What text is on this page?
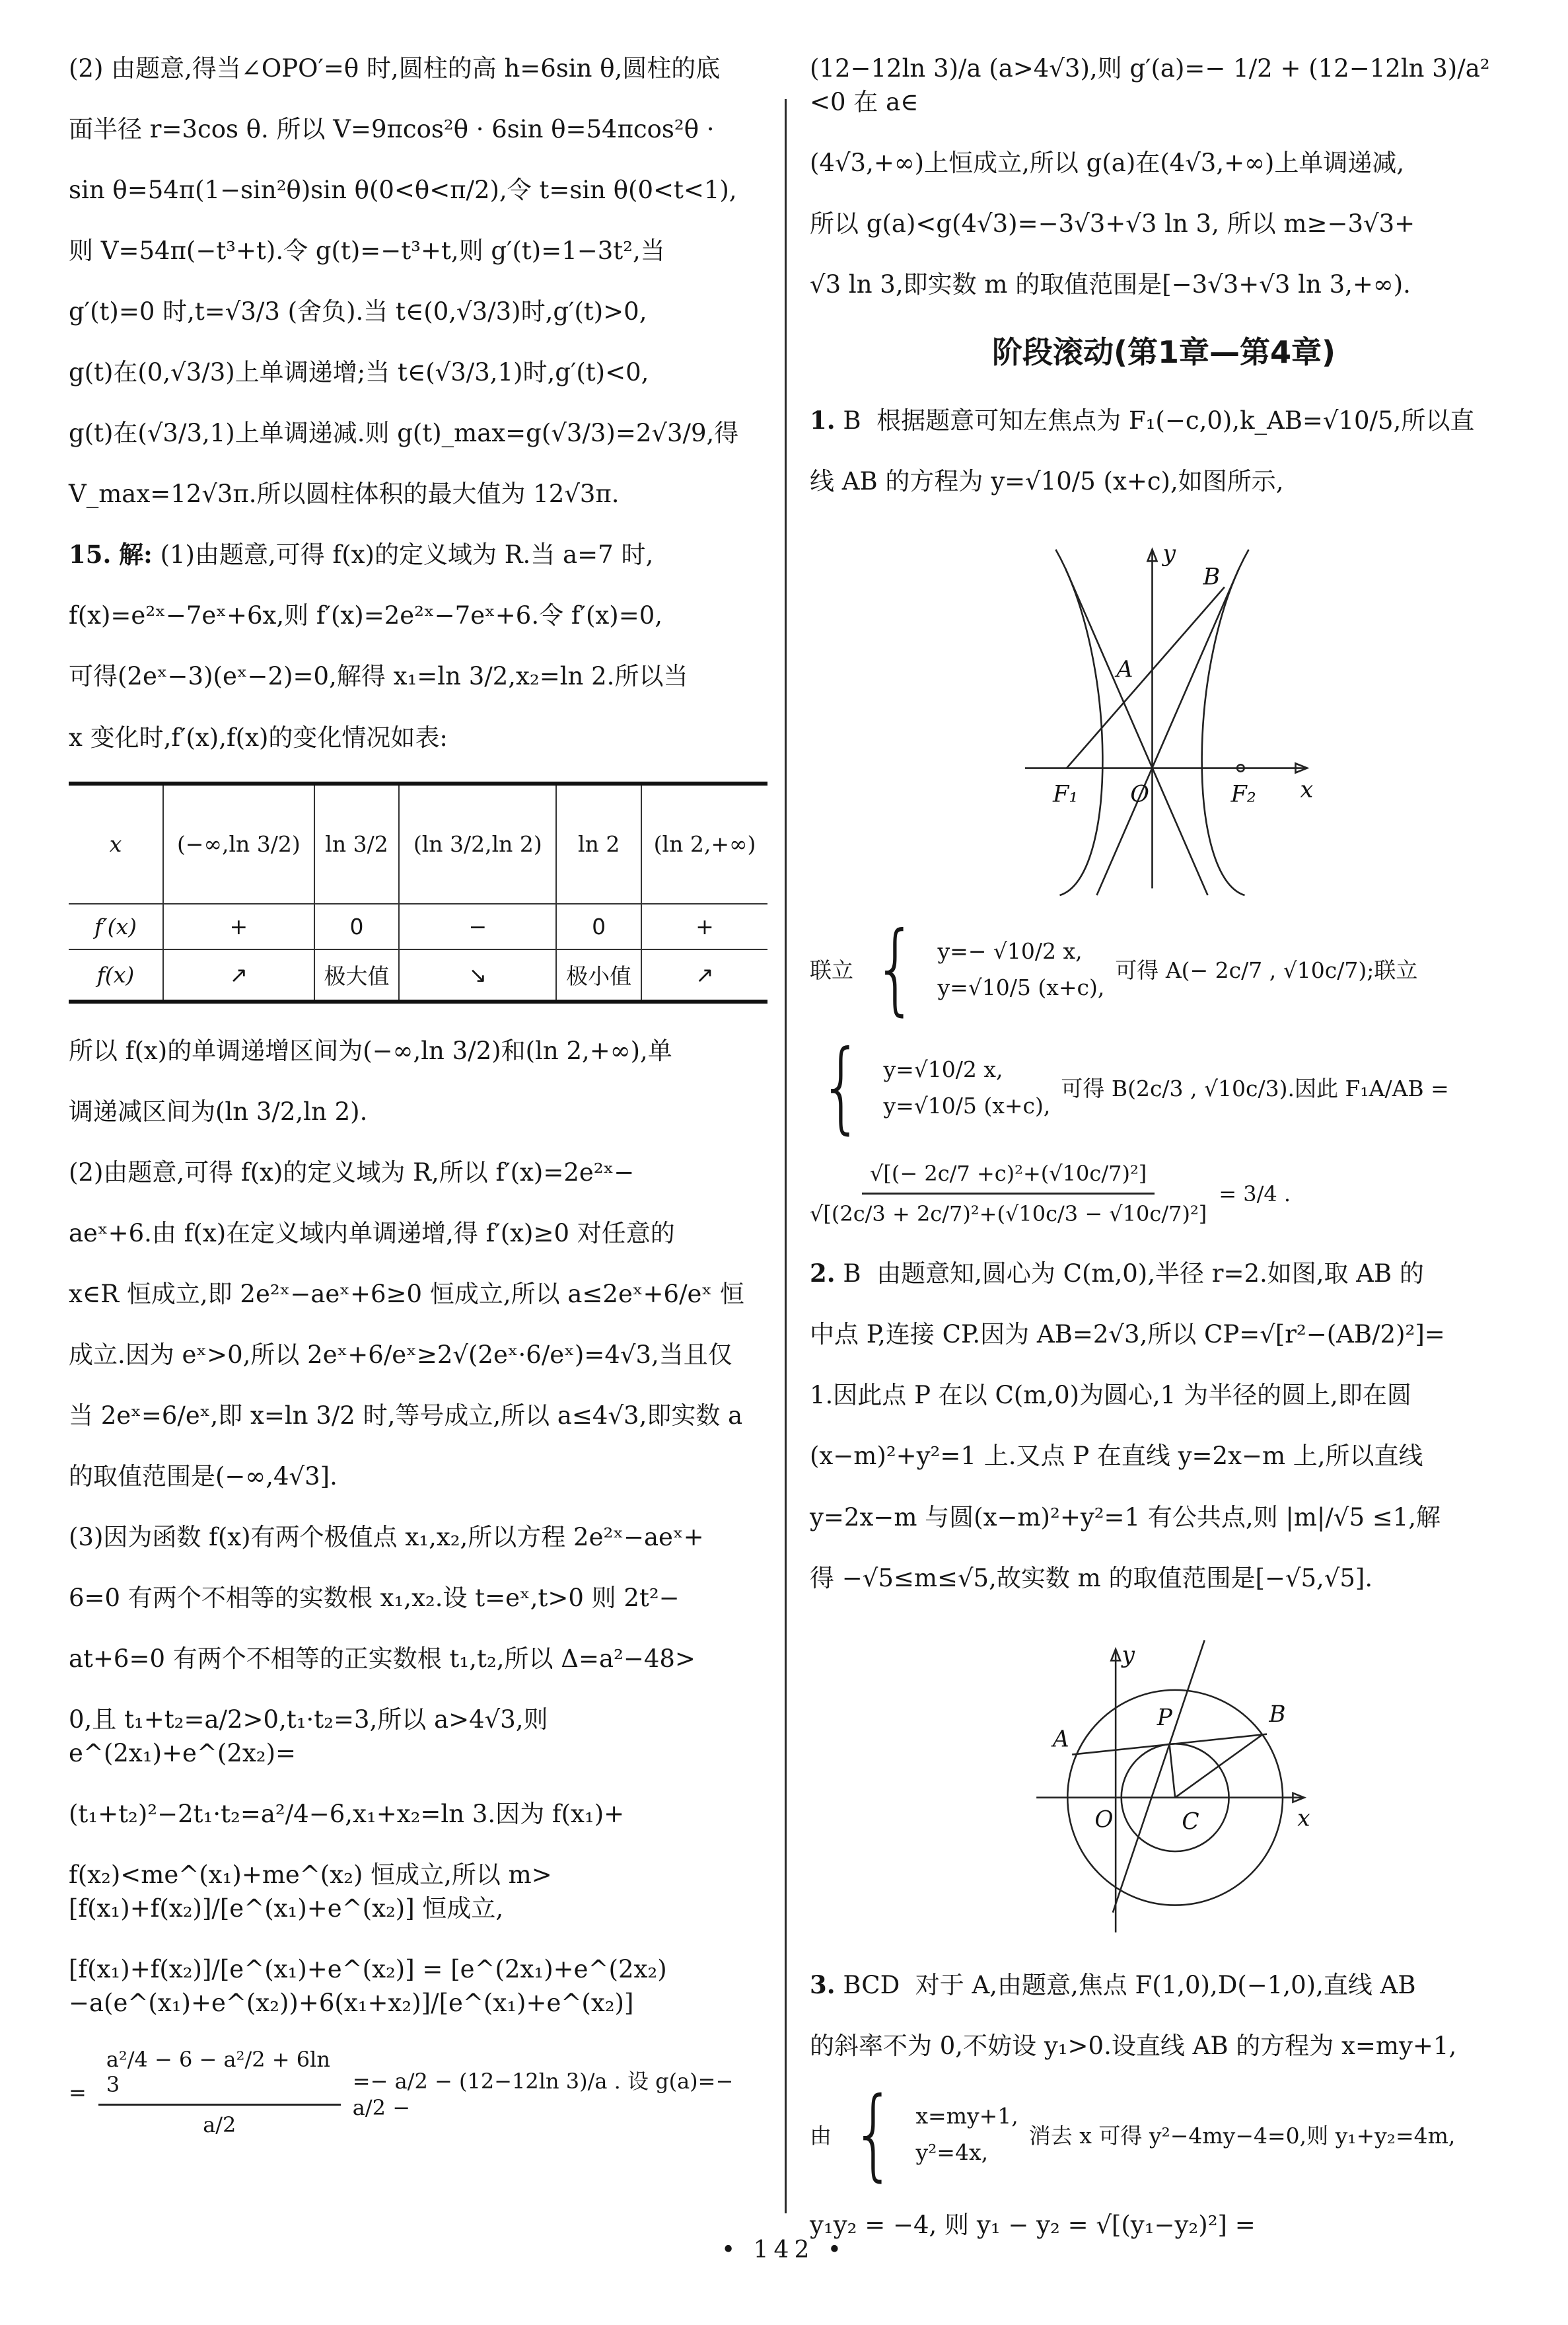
(2) 由题意,得当∠OPO′=θ 时,圆柱的高 h=6sin θ,圆柱的底
面半径 r=3cos θ. 所以 V=9πcos²θ · 6sin θ=54πcos²θ ·
sin θ=54π(1−sin²θ)sin θ(0<θ<π/2),令 t=sin θ(0<t<1),
则 V=54π(−t³+t).令 g(t)=−t³+t,则 g′(t)=1−3t²,当
g′(t)=0 时,t=√3/3 (舍负).当 t∈(0,√3/3)时,g′(t)>0,
g(t)在(0,√3/3)上单调递增;当 t∈(√3/3,1)时,g′(t)<0,
g(t)在(√3/3,1)上单调递减.则 g(t)_max=g(√3/3)=2√3/9,得
V_max=12√3π.所以圆柱体积的最大值为 12√3π.
15. 解: (1)由题意,可得 f(x)的定义域为 R.当 a=7 时,
f(x)=e²ˣ−7eˣ+6x,则 f′(x)=2e²ˣ−7eˣ+6.令 f′(x)=0,
可得(2eˣ−3)(eˣ−2)=0,解得 x₁=ln 3/2,x₂=ln 2.所以当
x 变化时,f′(x),f(x)的变化情况如表:
x	(−∞,ln 3/2)	ln 3/2	(ln 3/2,ln 2)	ln 2	(ln 2,+∞)
f′(x)	+	0	−	0	+
f(x)	↗	极大值	↘	极小值	↗
所以 f(x)的单调递增区间为(−∞,ln 3/2)和(ln 2,+∞),单
调递减区间为(ln 3/2,ln 2).
(2)由题意,可得 f(x)的定义域为 R,所以 f′(x)=2e²ˣ−
aeˣ+6.由 f(x)在定义域内单调递增,得 f′(x)≥0 对任意的
x∈R 恒成立,即 2e²ˣ−aeˣ+6≥0 恒成立,所以 a≤2eˣ+6/eˣ 恒
成立.因为 eˣ>0,所以 2eˣ+6/eˣ≥2√(2eˣ·6/eˣ)=4√3,当且仅
当 2eˣ=6/eˣ,即 x=ln 3/2 时,等号成立,所以 a≤4√3,即实数 a
的取值范围是(−∞,4√3].
(3)因为函数 f(x)有两个极值点 x₁,x₂,所以方程 2e²ˣ−aeˣ+
6=0 有两个不相等的实数根 x₁,x₂.设 t=eˣ,t>0 则 2t²−
at+6=0 有两个不相等的正实数根 t₁,t₂,所以 Δ=a²−48>
0,且 t₁+t₂=a/2>0,t₁·t₂=3,所以 a>4√3,则 e^(2x₁)+e^(2x₂)=
(t₁+t₂)²−2t₁·t₂=a²/4−6,x₁+x₂=ln 3.因为 f(x₁)+
f(x₂)<me^(x₁)+me^(x₂) 恒成立,所以 m>[f(x₁)+f(x₂)]/[e^(x₁)+e^(x₂)] 恒成立,
[f(x₁)+f(x₂)]/[e^(x₁)+e^(x₂)] = [e^(2x₁)+e^(2x₂)−a(e^(x₁)+e^(x₂))+6(x₁+x₂)]/[e^(x₁)+e^(x₂)]
= $\frac{\text{a²/4 − 6 − a²/2 + 6ln 3}}{a/2} =- a/2 - (12-12\ln$ 3)/a . 设 g(a)=− a/2 −
(12−12ln 3)/a (a>4√3),则 g′(a)=− 1/2 + (12−12ln 3)/a² <0 在 a∈
(4√3,+∞)上恒成立,所以 g(a)在(4√3,+∞)上单调递减,
所以 g(a)<g(4√3)=−3√3+√3 ln 3, 所以 m≥−3√3+
√3 ln 3,即实数 m 的取值范围是[−3√3+√3 ln 3,+∞).
阶段滚动(第1章—第4章)
1. B 根据题意可知左焦点为 F₁(−c,0),k_AB=√10/5,所以直
线 AB 的方程为 y=√10/5 (x+c),如图所示,
y
B
A
F₁ O	F₂ x
联立 { y=− √10/2 x,
y=√10/5 (x+c),
可得 A(− 2c/7 , √10c/7);联立
{ y=√10/2 x,
y=√10/5 (x+c),
可得 B(2c/3 , √10c/3).因此 F₁A/AB =
$\frac{\text{√[(− 2c/7 +c)²+(√10c/7)²]}}{\text{√[(2c/3 + 2c/7)²+(√10c/3 − √10c/7)²]}} = 3/4$ .
2. B 由题意知,圆心为 C(m,0),半径 r=2.如图,取 AB 的
中点 P,连接 CP.因为 AB=2√3,所以 CP=√[r²−(AB/2)²]=
1.因此点 P 在以 C(m,0)为圆心,1 为半径的圆上,即在圆
(x−m)²+y²=1 上.又点 P 在直线 y=2x−m 上,所以直线
y=2x−m 与圆(x−m)²+y²=1 有公共点,则 |m|/√5 ≤1,解
得 −√5≤m≤√5,故实数 m 的取值范围是[−√5,√5].
y
P	B
A
O	C	x
3. BCD 对于 A,由题意,焦点 F(1,0),D(−1,0),直线 AB
的斜率不为 0,不妨设 y₁>0.设直线 AB 的方程为 x=my+1,
由 { x=my+1,
y²=4x,
消去 x 可得 y²−4my−4=0,则 y₁+y₂=4m,
y₁y₂ = −4, 则 y₁ − y₂ = √[(y₁−y₂)²] =
• 142 •
